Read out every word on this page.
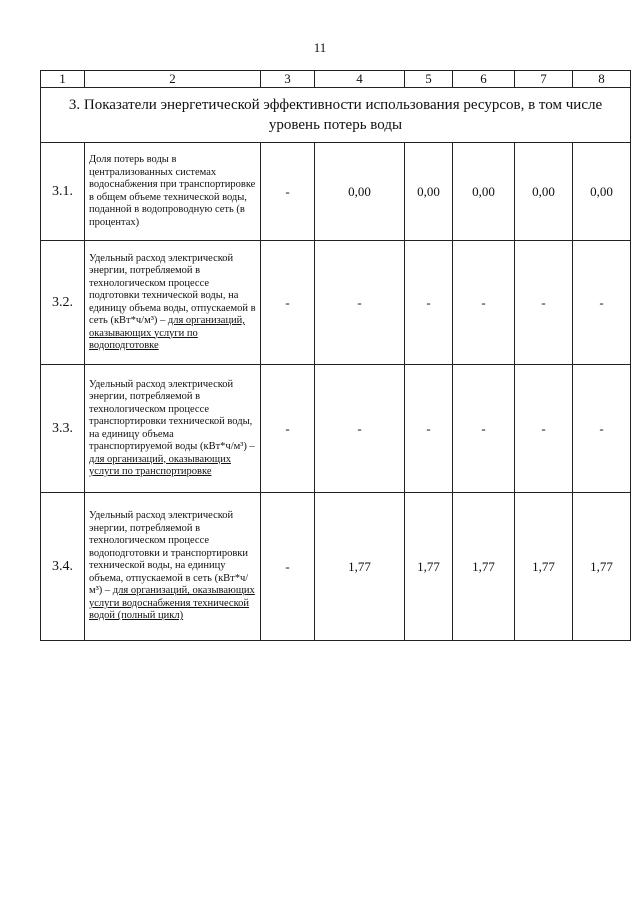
11
1	2	3	4	5	6	7	8
3. Показатели энергетической эффективности использования ресурсов, в том числе уровень потерь воды							
3.1.	Доля потерь воды в централизованных системах водоснабжения при транспортировке в общем объеме технической воды, поданной в водопроводную сеть (в процентах)	-	0,00	0,00	0,00	0,00	0,00
3.2.	Удельный расход электрической энергии, потребляемой в технологическом процессе подготовки технической воды, на единицу объема воды, отпускаемой в сеть (кВт*ч/м³) – для организаций, оказывающих услуги по водоподготовке	-	-	-	-	-	-
3.3.	Удельный расход электрической энергии, потребляемой в технологическом процессе транспортировки технической воды, на единицу объема транспортируемой воды (кВт*ч/м³) – для организаций, оказывающих услуги по транспортировке	-	-	-	-	-	-
3.4.	Удельный расход электрической энергии, потребляемой в технологическом процессе водоподготовки и транспортировки технической воды, на единицу объема, отпускаемой в сеть (кВт*ч/м³) – для организаций, оказывающих услуги водоснабжения технической водой (полный цикл)	-	1,77	1,77	1,77	1,77	1,77
